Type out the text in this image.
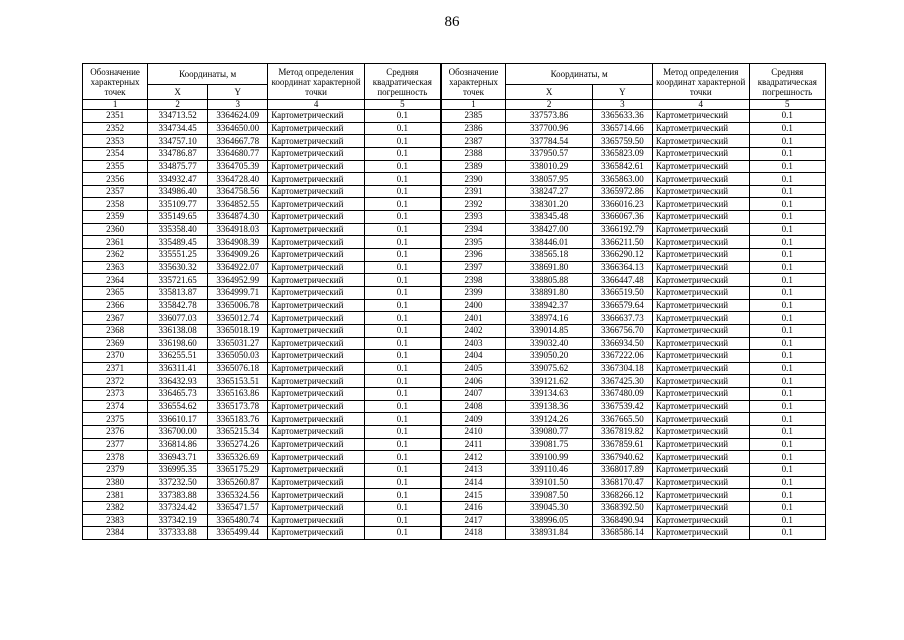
86
Обозначение характерных точек	Координаты, м		Метод определения координат характерной точки	Средняя квадратическая погрешность	Обозначение характерных точек	Координаты, м		Метод определения координат характерной точки	Средняя квадратическая погрешность
	X	Y				X	Y		
1	2	3	4	5	1	2	3	4	5
2351	334713.52	3364624.09	Картометрический	0.1	2385	337573.86	3365633.36	Картометрический	0.1
2352	334734.45	3364650.00	Картометрический	0.1	2386	337700.96	3365714.66	Картометрический	0.1
2353	334757.10	3364667.78	Картометрический	0.1	2387	337784.54	3365759.50	Картометрический	0.1
2354	334786.87	3364680.77	Картометрический	0.1	2388	337950.57	3365823.09	Картометрический	0.1
2355	334875.77	3364705.39	Картометрический	0.1	2389	338010.29	3365842.61	Картометрический	0.1
2356	334932.47	3364728.40	Картометрический	0.1	2390	338057.95	3365863.00	Картометрический	0.1
2357	334986.40	3364758.56	Картометрический	0.1	2391	338247.27	3365972.86	Картометрический	0.1
2358	335109.77	3364852.55	Картометрический	0.1	2392	338301.20	3366016.23	Картометрический	0.1
2359	335149.65	3364874.30	Картометрический	0.1	2393	338345.48	3366067.36	Картометрический	0.1
2360	335358.40	3364918.03	Картометрический	0.1	2394	338427.00	3366192.79	Картометрический	0.1
2361	335489.45	3364908.39	Картометрический	0.1	2395	338446.01	3366211.50	Картометрический	0.1
2362	335551.25	3364909.26	Картометрический	0.1	2396	338565.18	3366290.12	Картометрический	0.1
2363	335630.32	3364922.07	Картометрический	0.1	2397	338691.80	3366364.13	Картометрический	0.1
2364	335721.65	3364952.99	Картометрический	0.1	2398	338805.88	3366447.48	Картометрический	0.1
2365	335813.87	3364999.71	Картометрический	0.1	2399	338891.80	3366519.50	Картометрический	0.1
2366	335842.78	3365006.78	Картометрический	0.1	2400	338942.37	3366579.64	Картометрический	0.1
2367	336077.03	3365012.74	Картометрический	0.1	2401	338974.16	3366637.73	Картометрический	0.1
2368	336138.08	3365018.19	Картометрический	0.1	2402	339014.85	3366756.70	Картометрический	0.1
2369	336198.60	3365031.27	Картометрический	0.1	2403	339032.40	3366934.50	Картометрический	0.1
2370	336255.51	3365050.03	Картометрический	0.1	2404	339050.20	3367222.06	Картометрический	0.1
2371	336311.41	3365076.18	Картометрический	0.1	2405	339075.62	3367304.18	Картометрический	0.1
2372	336432.93	3365153.51	Картометрический	0.1	2406	339121.62	3367425.30	Картометрический	0.1
2373	336465.73	3365163.86	Картометрический	0.1	2407	339134.63	3367480.09	Картометрический	0.1
2374	336554.62	3365173.78	Картометрический	0.1	2408	339138.36	3367539.42	Картометрический	0.1
2375	336610.17	3365183.76	Картометрический	0.1	2409	339124.26	3367665.50	Картометрический	0.1
2376	336700.00	3365215.34	Картометрический	0.1	2410	339080.77	3367819.82	Картометрический	0.1
2377	336814.86	3365274.26	Картометрический	0.1	2411	339081.75	3367859.61	Картометрический	0.1
2378	336943.71	3365326.69	Картометрический	0.1	2412	339100.99	3367940.62	Картометрический	0.1
2379	336995.35	3365175.29	Картометрический	0.1	2413	339110.46	3368017.89	Картометрический	0.1
2380	337232.50	3365260.87	Картометрический	0.1	2414	339101.50	3368170.47	Картометрический	0.1
2381	337383.88	3365324.56	Картометрический	0.1	2415	339087.50	3368266.12	Картометрический	0.1
2382	337324.42	3365471.57	Картометрический	0.1	2416	339045.30	3368392.50	Картометрический	0.1
2383	337342.19	3365480.74	Картометрический	0.1	2417	338996.05	3368490.94	Картометрический	0.1
2384	337333.88	3365499.44	Картометрический	0.1	2418	338931.84	3368586.14	Картометрический	0.1
